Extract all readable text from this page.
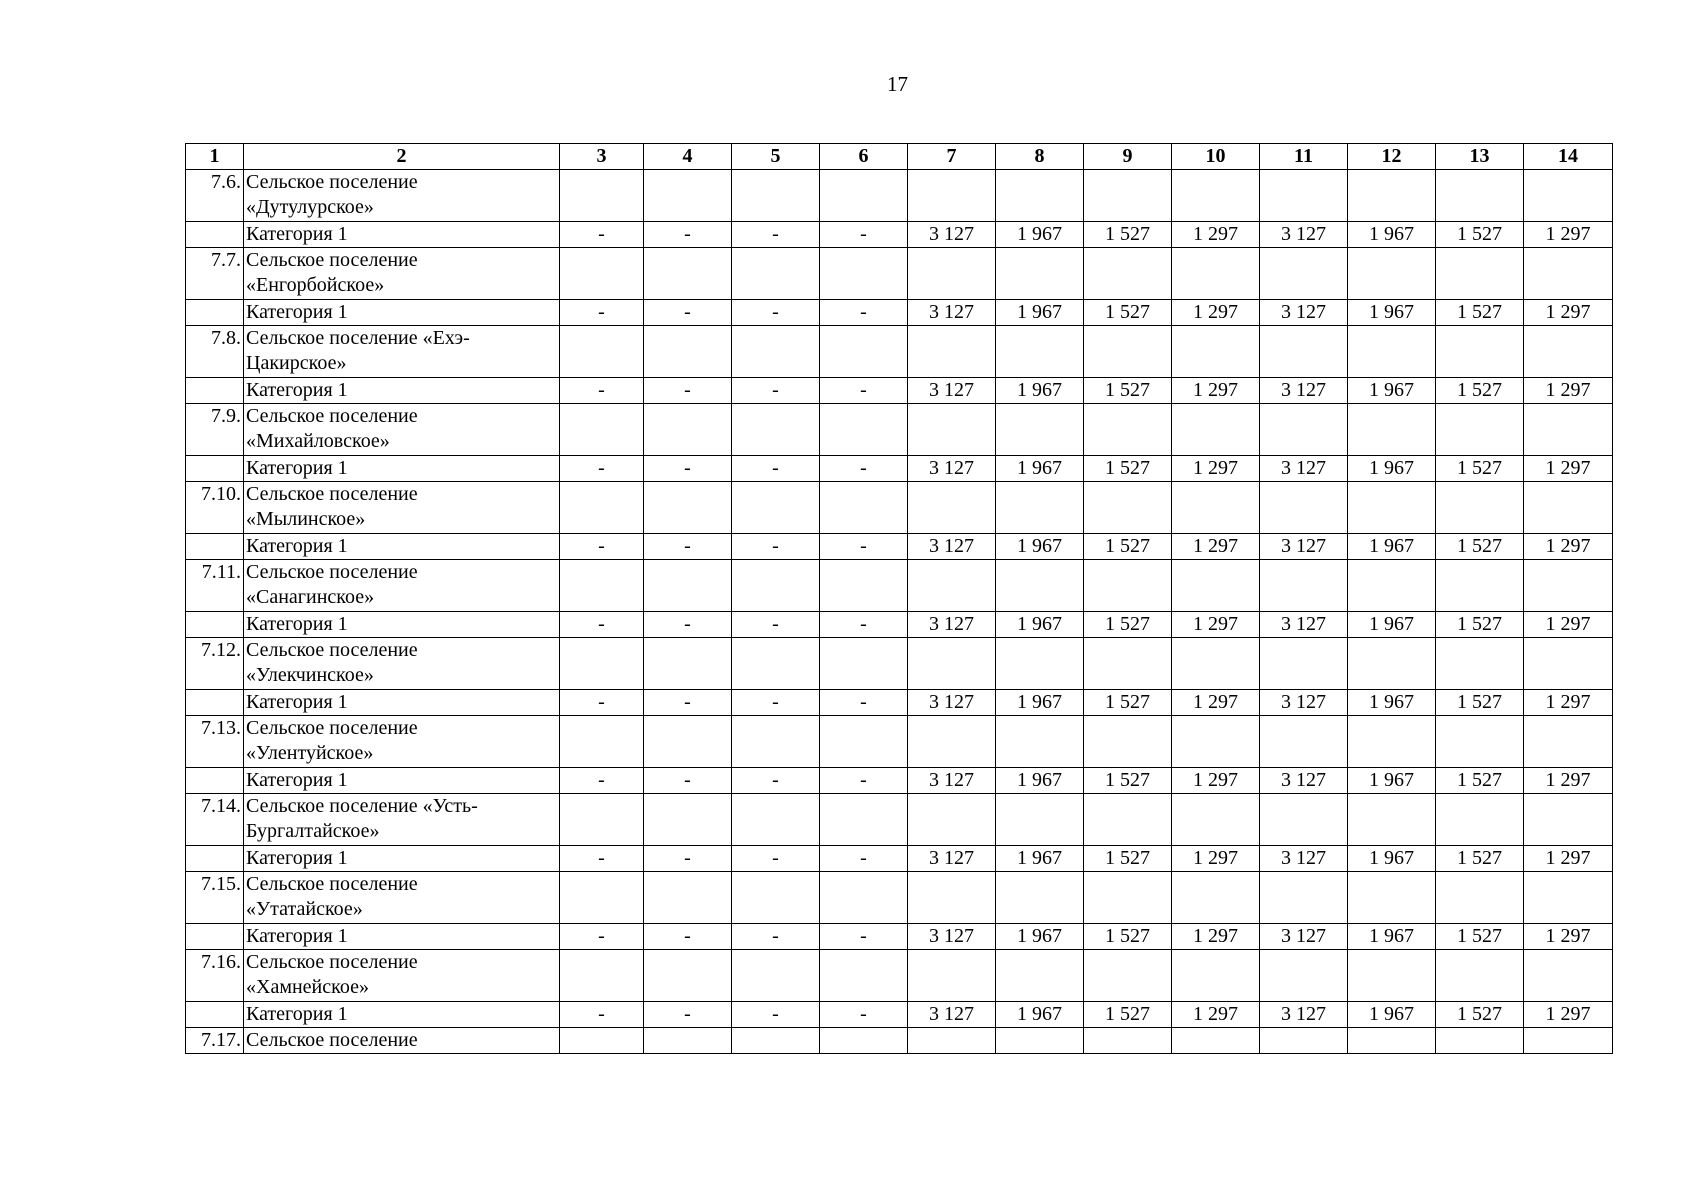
17
1	2	3	4	5	6	7	8	9	10	11	12	13	14
7.6.	Сельское поселение
«Дутулурское»												

	Категория 1	-	-	-	-	3 127	1 967	1 527	1 297	3 127	1 967	1 527	1 297
7.7.	Сельское поселение
«Енгорбойское»												

	Категория 1	-	-	-	-	3 127	1 967	1 527	1 297	3 127	1 967	1 527	1 297
7.8.	Сельское поселение «Ехэ-
Цакирское»												

	Категория 1	-	-	-	-	3 127	1 967	1 527	1 297	3 127	1 967	1 527	1 297
7.9.	Сельское поселение
«Михайловское»												

	Категория 1	-	-	-	-	3 127	1 967	1 527	1 297	3 127	1 967	1 527	1 297
7.10.	Сельское поселение
«Мылинское»												

	Категория 1	-	-	-	-	3 127	1 967	1 527	1 297	3 127	1 967	1 527	1 297
7.11.	Сельское поселение
«Санагинское»												

	Категория 1	-	-	-	-	3 127	1 967	1 527	1 297	3 127	1 967	1 527	1 297
7.12.	Сельское поселение
«Улекчинское»												

	Категория 1	-	-	-	-	3 127	1 967	1 527	1 297	3 127	1 967	1 527	1 297
7.13.	Сельское поселение
«Улентуйское»												

	Категория 1	-	-	-	-	3 127	1 967	1 527	1 297	3 127	1 967	1 527	1 297
7.14.	Сельское поселение «Усть-
Бургалтайское»												

	Категория 1	-	-	-	-	3 127	1 967	1 527	1 297	3 127	1 967	1 527	1 297
7.15.	Сельское поселение
«Утатайское»												

	Категория 1	-	-	-	-	3 127	1 967	1 527	1 297	3 127	1 967	1 527	1 297
7.16.	Сельское поселение
«Хамнейское»												

	Категория 1	-	-	-	-	3 127	1 967	1 527	1 297	3 127	1 967	1 527	1 297
7.17.	Сельское поселение												
